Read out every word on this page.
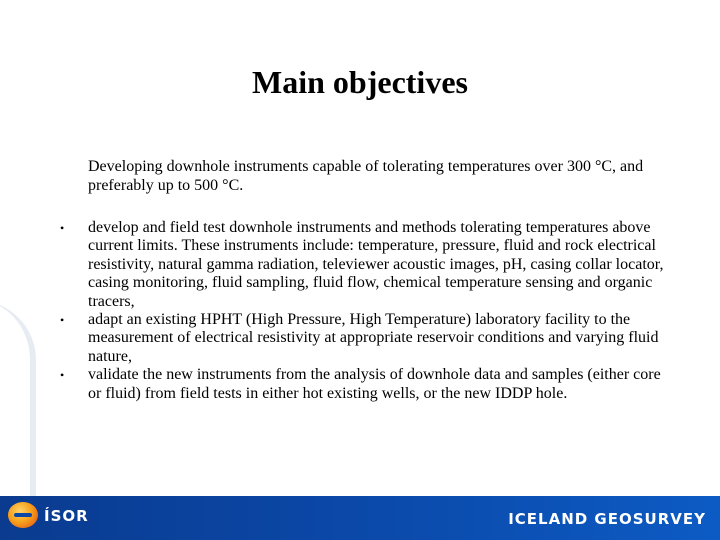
Main objectives
Developing downhole instruments capable of tolerating temperatures over 300 °C, and preferably up to 500 °C.
•	develop and field test downhole instruments and methods tolerating temperatures above current limits. These instruments include: temperature, pressure, fluid and rock electrical resistivity, natural gamma radiation, televiewer acoustic images, pH, casing collar locator, casing monitoring, fluid sampling, fluid flow, chemical temperature sensing and organic tracers,
•	adapt an existing HPHT (High Pressure, High Temperature) laboratory facility to the measurement of electrical resistivity at appropriate reservoir conditions and varying fluid nature,
•	validate the new instruments from the analysis of downhole data and samples (either core or fluid) from field tests in either hot existing wells, or the new IDDP hole.
ÍSOR	ICELAND GEOSURVEY
